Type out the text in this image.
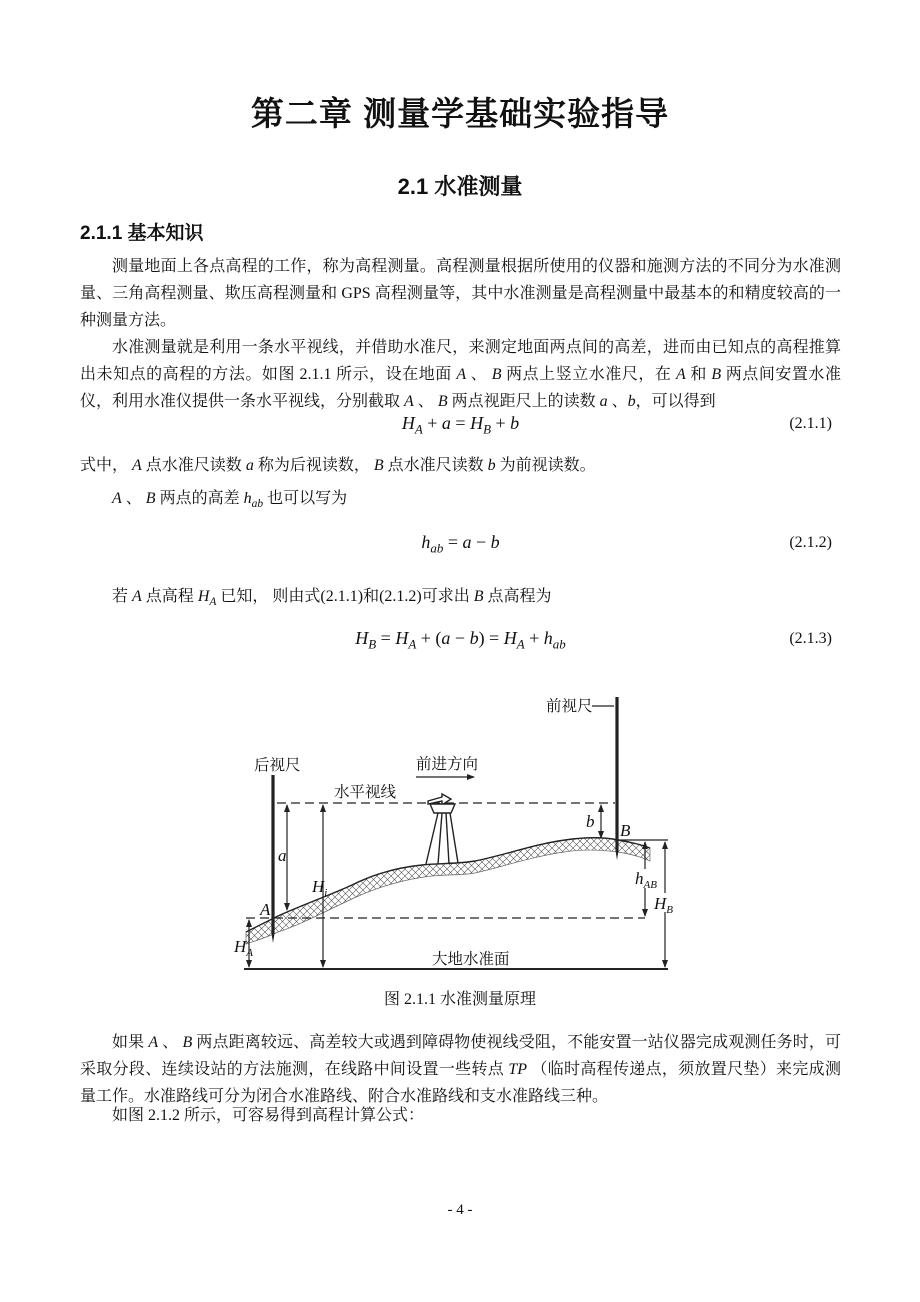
第二章 测量学基础实验指导
2.1 水准测量
2.1.1 基本知识
测量地面上各点高程的工作，称为高程测量。高程测量根据所使用的仪器和施测方法的不同分为水准测量、三角高程测量、欺压高程测量和 GPS 高程测量等，其中水准测量是高程测量中最基本的和精度较高的一种测量方法。
水准测量就是利用一条水平视线，并借助水准尺，来测定地面两点间的高差，进而由已知点的高程推算出未知点的高程的方法。如图 2.1.1 所示，设在地面 A 、 B 两点上竖立水准尺，在 A 和 B 两点间安置水准仪，利用水准仪提供一条水平视线，分别截取 A 、 B 两点视距尺上的读数 a 、b，可以得到
$H_A + a = H_B + b$	(2.1.1)
式中， A 点水准尺读数 a 称为后视读数， B 点水准尺读数 b 为前视读数。
A 、 B 两点的高差 $h_{ab}$ 也可以写为
$h_{ab} = a - b$	(2.1.2)
若 A 点高程 $H_A$ 已知， 则由式(2.1.1)和(2.1.2)可求出 B 点高程为
$H_B = H_A + (a - b) = H_A + h_{ab}$	(2.1.3)
后视尺
前视尺
水平视线
前进方向
大地水准面
a
b
A
B
$H_i$
$H_A$
$h_{AB}$
$H_B$
图 2.1.1 水准测量原理
如果 A 、 B 两点距离较远、高差较大或遇到障碍物使视线受阻，不能安置一站仪器完成观测任务时，可采取分段、连续设站的方法施测，在线路中间设置一些转点 TP （临时高程传递点，须放置尺垫）来完成测量工作。水准路线可分为闭合水准路线、附合水准路线和支水准路线三种。
如图 2.1.2 所示，可容易得到高程计算公式：
- 4 -
